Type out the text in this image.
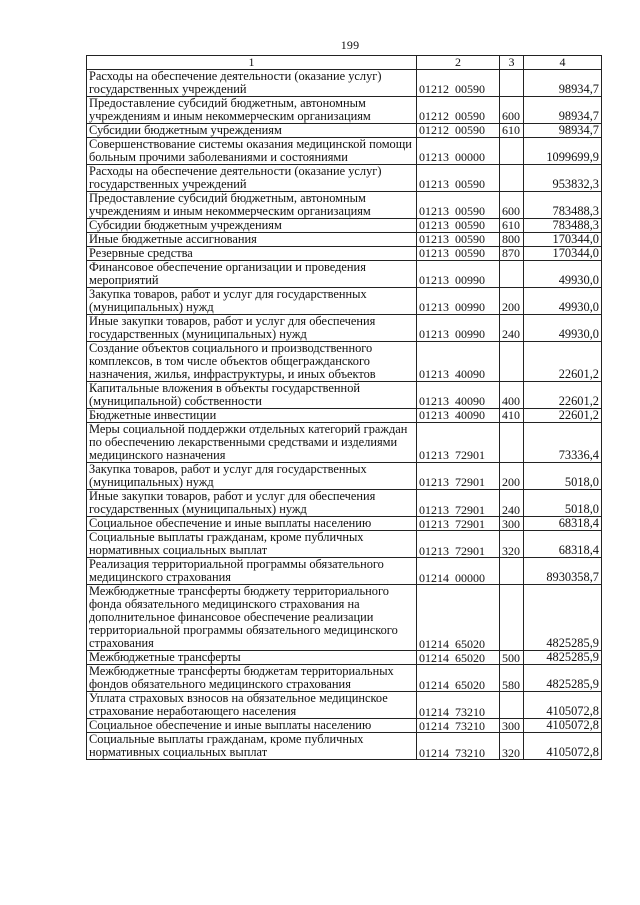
199
1	2	3	4
Расходы на обеспечение деятельности (оказание услуг) государственных учреждений	01212  00590		98934,7
Предоставление субсидий бюджетным, автономным учреждениям и иным некоммерческим организациям	01212  00590	600	98934,7
Субсидии бюджетным учреждениям	01212  00590	610	98934,7
Совершенствование системы оказания медицинской помощи больным прочими заболеваниями и состояниями	01213  00000		1099699,9
Расходы на обеспечение деятельности (оказание услуг) государственных учреждений	01213  00590		953832,3
Предоставление субсидий бюджетным, автономным учреждениям и иным некоммерческим организациям	01213  00590	600	783488,3
Субсидии бюджетным учреждениям	01213  00590	610	783488,3
Иные бюджетные ассигнования	01213  00590	800	170344,0
Резервные средства	01213  00590	870	170344,0
Финансовое обеспечение организации и проведения мероприятий	01213  00990		49930,0
Закупка товаров, работ и услуг для государственных (муниципальных) нужд	01213  00990	200	49930,0
Иные закупки товаров, работ и услуг для обеспечения государственных (муниципальных) нужд	01213  00990	240	49930,0
Создание объектов социального и производственного комплексов, в том числе объектов общегражданского назначения, жилья, инфраструктуры, и иных объектов	01213  40090		22601,2
Капитальные вложения в объекты государственной (муниципальной) собственности	01213  40090	400	22601,2
Бюджетные инвестиции	01213  40090	410	22601,2
Меры социальной поддержки отдельных категорий граждан по обеспечению лекарственными средствами и изделиями медицинского назначения	01213  72901		73336,4
Закупка товаров, работ и услуг для государственных (муниципальных) нужд	01213  72901	200	5018,0
Иные закупки товаров, работ и услуг для обеспечения государственных (муниципальных) нужд	01213  72901	240	5018,0
Социальное обеспечение и иные выплаты населению	01213  72901	300	68318,4
Социальные выплаты гражданам, кроме публичных нормативных социальных выплат	01213  72901	320	68318,4
Реализация территориальной программы обязательного медицинского страхования	01214  00000		8930358,7
Межбюджетные трансферты бюджету территориального фонда обязательного медицинского страхования на дополнительное финансовое обеспечение реализации территориальной программы обязательного медицинского страхования	01214  65020		4825285,9
Межбюджетные трансферты	01214  65020	500	4825285,9
Межбюджетные трансферты бюджетам территориальных фондов обязательного медицинского страхования	01214  65020	580	4825285,9
Уплата страховых взносов на обязательное медицинское страхование неработающего населения	01214  73210		4105072,8
Социальное обеспечение и иные выплаты населению	01214  73210	300	4105072,8
Социальные выплаты гражданам, кроме публичных нормативных социальных выплат	01214  73210	320	4105072,8
